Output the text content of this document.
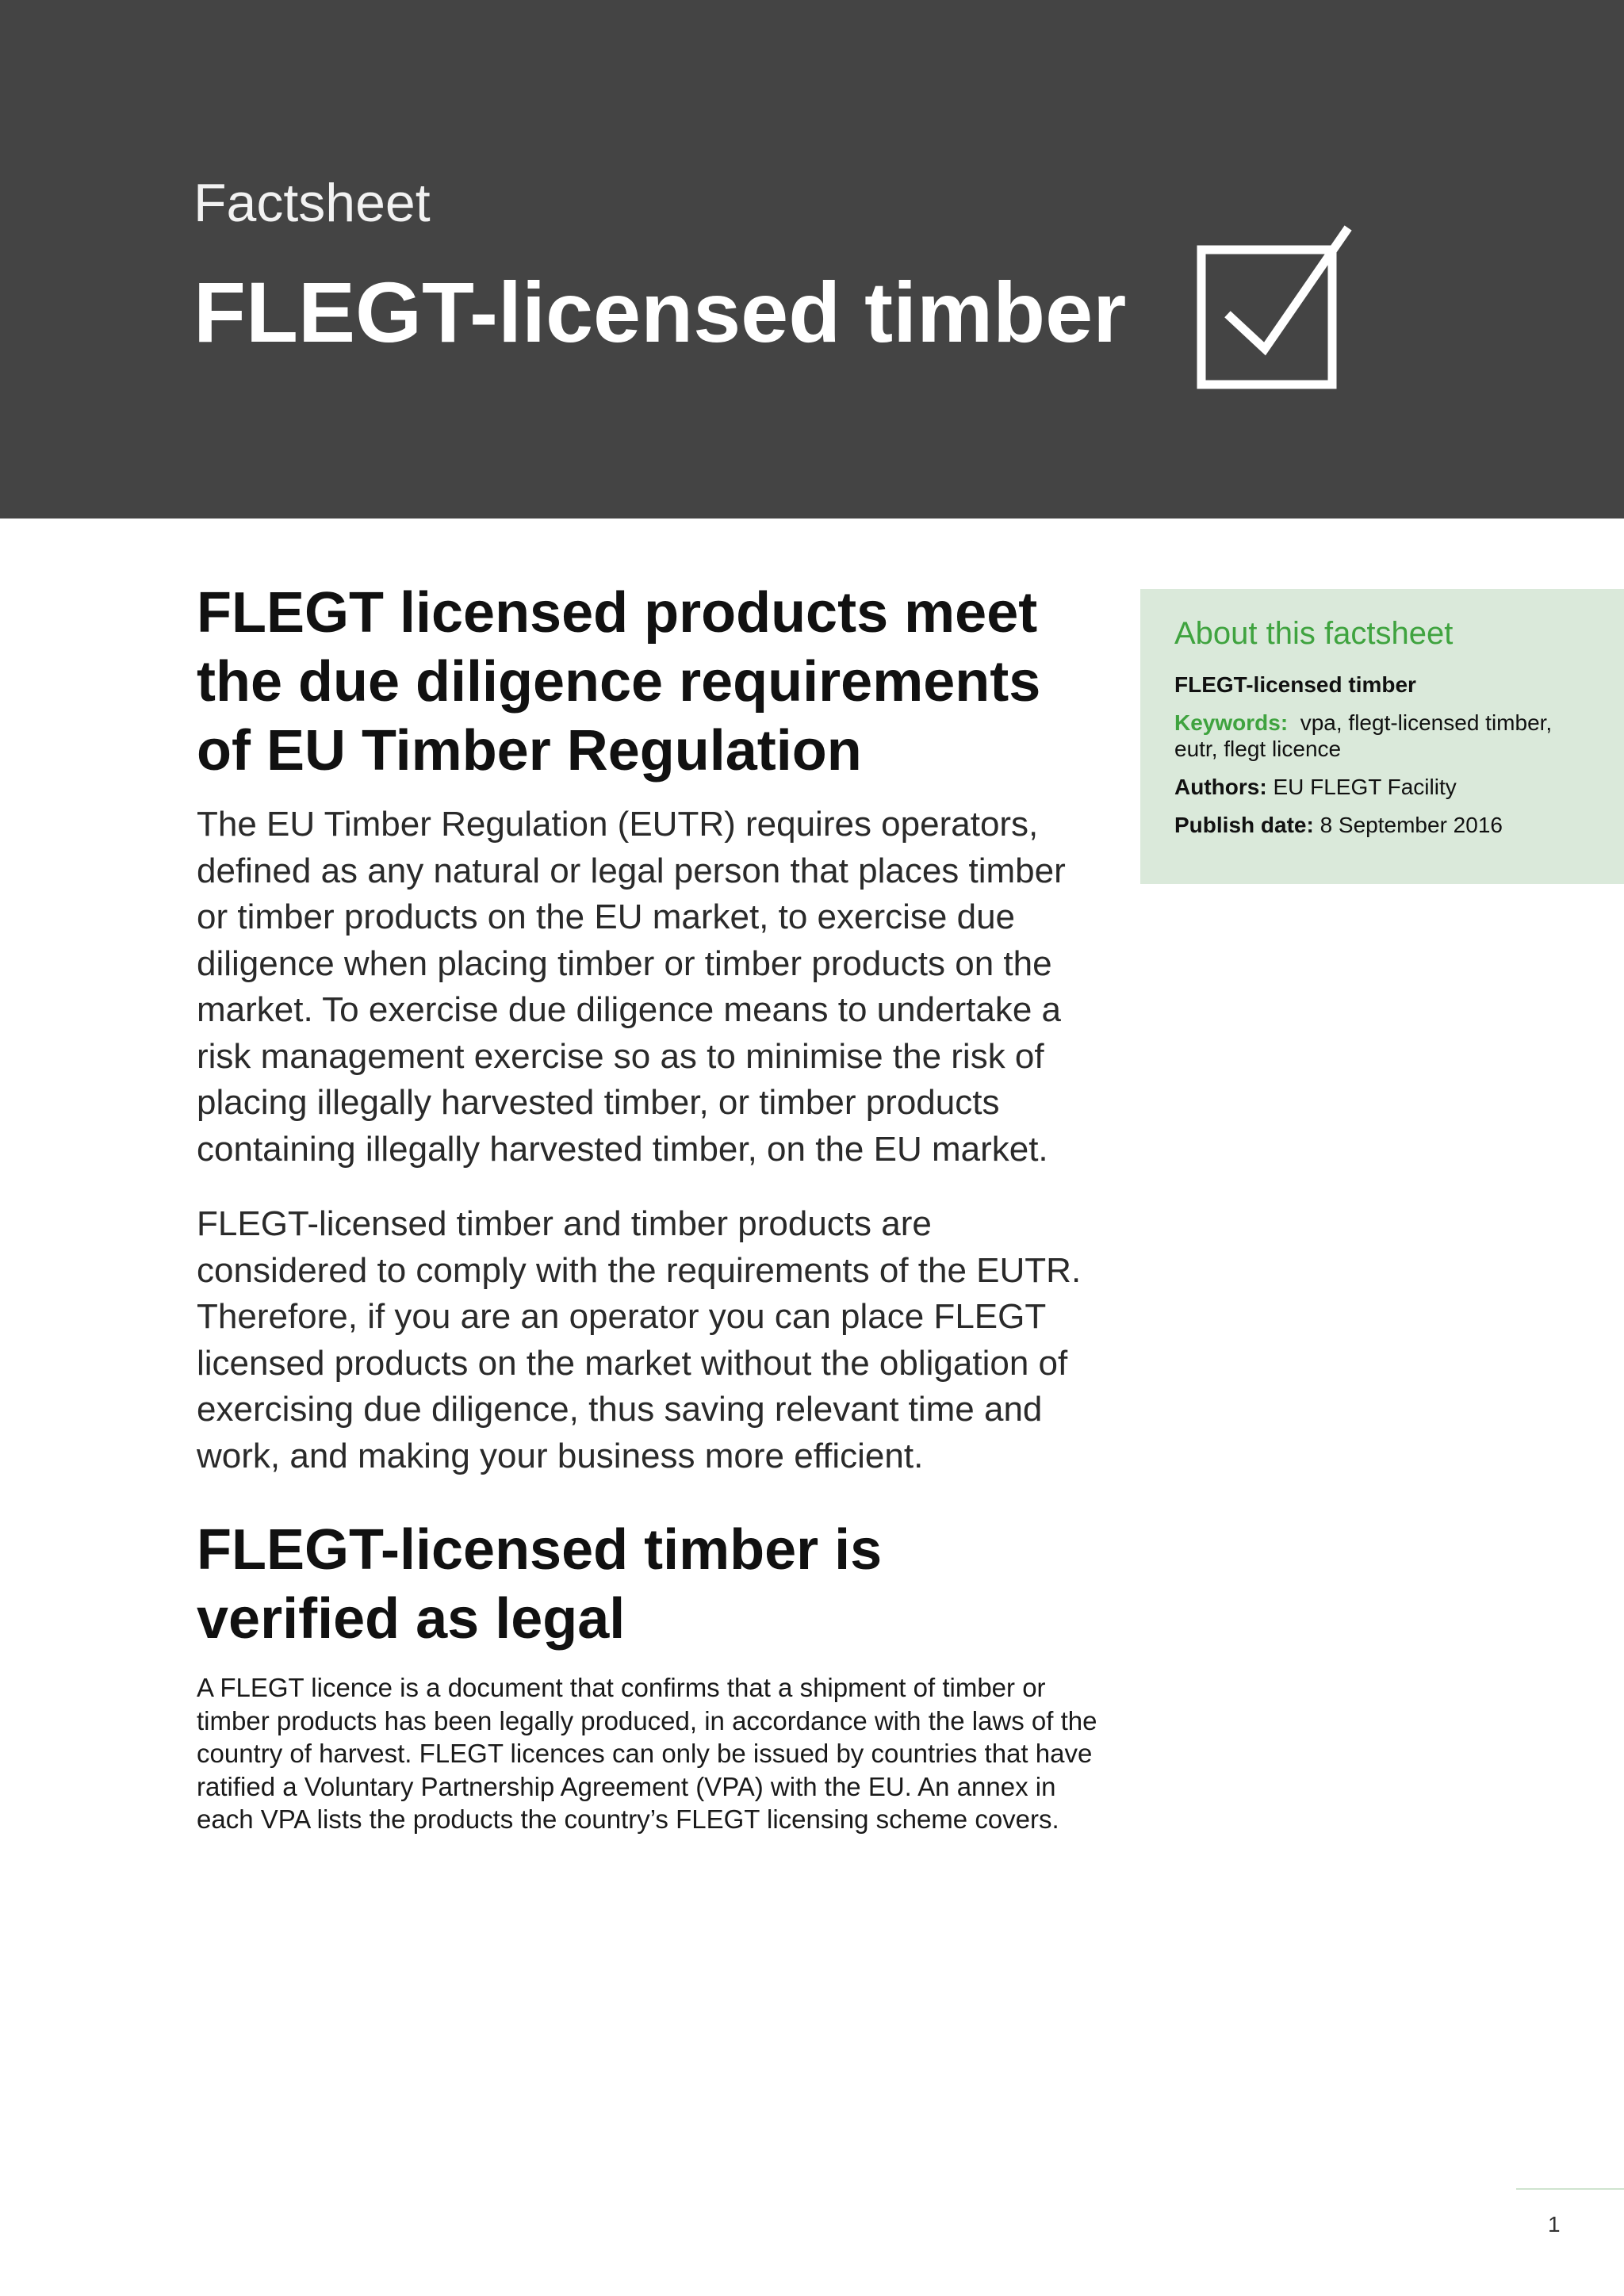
Factsheet
FLEGT-licensed timber
FLEGT licensed products meet the due diligence requirements of EU Timber Regulation

The EU Timber Regulation (EUTR) requires operators, defined as any natural or legal person that places timber or timber products on the EU market, to exercise due diligence when placing timber or timber products on the market. To exercise due diligence means to undertake a risk management exercise so as to minimise the risk of placing illegally harvested timber, or timber products containing illegally harvested timber, on the EU market.

FLEGT-licensed timber and timber products are considered to comply with the requirements of the EUTR. Therefore, if you are an operator you can place FLEGT licensed products on the market without the obligation of exercising due diligence, thus saving relevant time and work, and making your business more efficient.

FLEGT-licensed timber is verified as legal

A FLEGT licence is a document that confirms that a shipment of timber or timber products has been legally produced, in accordance with the laws of the country of harvest. FLEGT licences can only be issued by countries that have ratified a Voluntary Partnership Agreement (VPA) with the EU. An annex in each VPA lists the products the country’s FLEGT licensing scheme covers.

About this factsheet

FLEGT-licensed timber

Keywords: vpa, flegt-licensed timber, eutr, flegt licence

Authors: EU FLEGT Facility

Publish date: 8 September 2016

1
